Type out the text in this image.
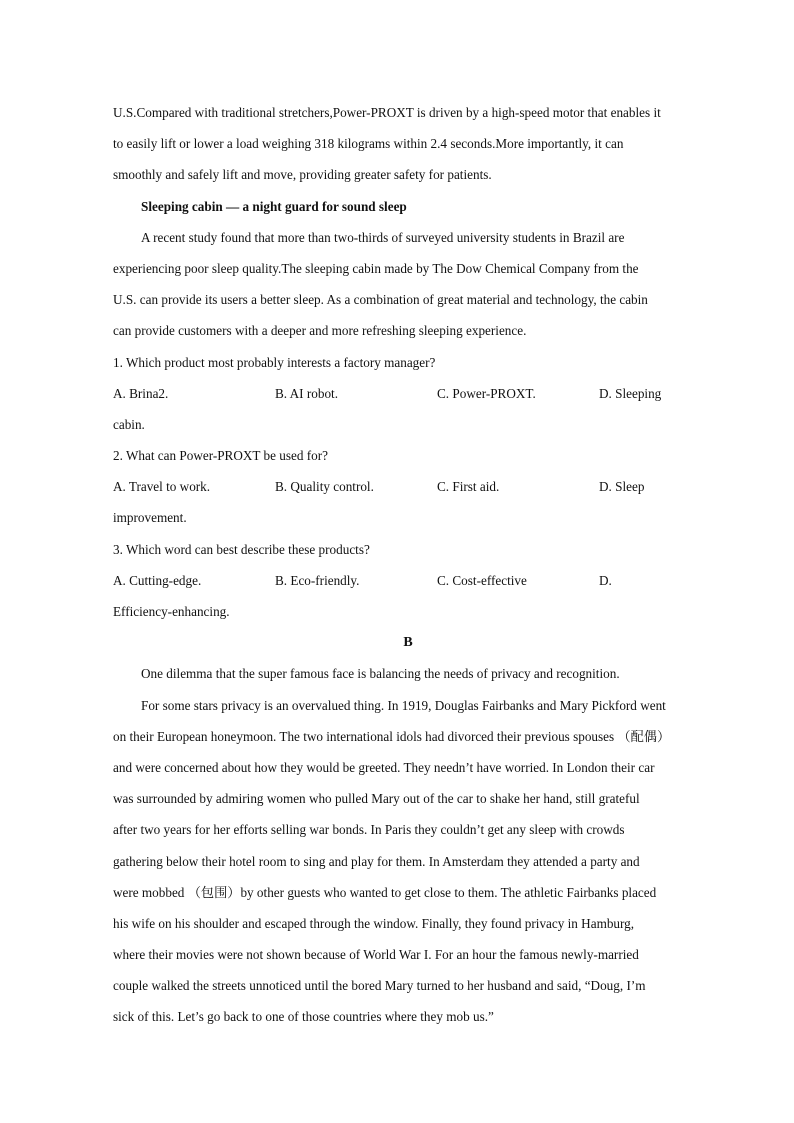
U.S.Compared with traditional stretchers,Power-PROXT is driven by a high-speed motor that enables it
to easily lift or lower a load weighing 318 kilograms within 2.4 seconds.More importantly, it can
smoothly and safely lift and move, providing greater safety for patients.
Sleeping cabin — a night guard for sound sleep
A recent study found that more than two-thirds of surveyed university students in Brazil are
experiencing poor sleep quality.The sleeping cabin made by The Dow Chemical Company from the
U.S. can provide its users a better sleep. As a combination of great material and technology, the cabin
can provide customers with a deeper and more refreshing sleeping experience.
1. Which product most probably interests a factory manager?
A. Brina2.	B. AI robot.	C. Power-PROXT.	D. Sleeping
cabin.
2. What can Power-PROXT be used for?
A. Travel to work.	B. Quality control.	C. First aid.	D. Sleep
improvement.
3. Which word can best describe these products?
A. Cutting-edge.	B. Eco-friendly.	C. Cost-effective	D.
Efficiency-enhancing.
B
One dilemma that the super famous face is balancing the needs of privacy and recognition.
For some stars privacy is an overvalued thing. In 1919, Douglas Fairbanks and Mary Pickford went
on their European honeymoon. The two international idols had divorced their previous spouses （配偶）
and were concerned about how they would be greeted. They needn’t have worried. In London their car
was surrounded by admiring women who pulled Mary out of the car to shake her hand, still grateful
after two years for her efforts selling war bonds. In Paris they couldn’t get any sleep with crowds
gathering below their hotel room to sing and play for them. In Amsterdam they attended a party and
were mobbed （包围）by other guests who wanted to get close to them. The athletic Fairbanks placed
his wife on his shoulder and escaped through the window. Finally, they found privacy in Hamburg,
where their movies were not shown because of World War I. For an hour the famous newly-married
couple walked the streets unnoticed until the bored Mary turned to her husband and said, “Doug, I’m
sick of this. Let’s go back to one of those countries where they mob us.”
